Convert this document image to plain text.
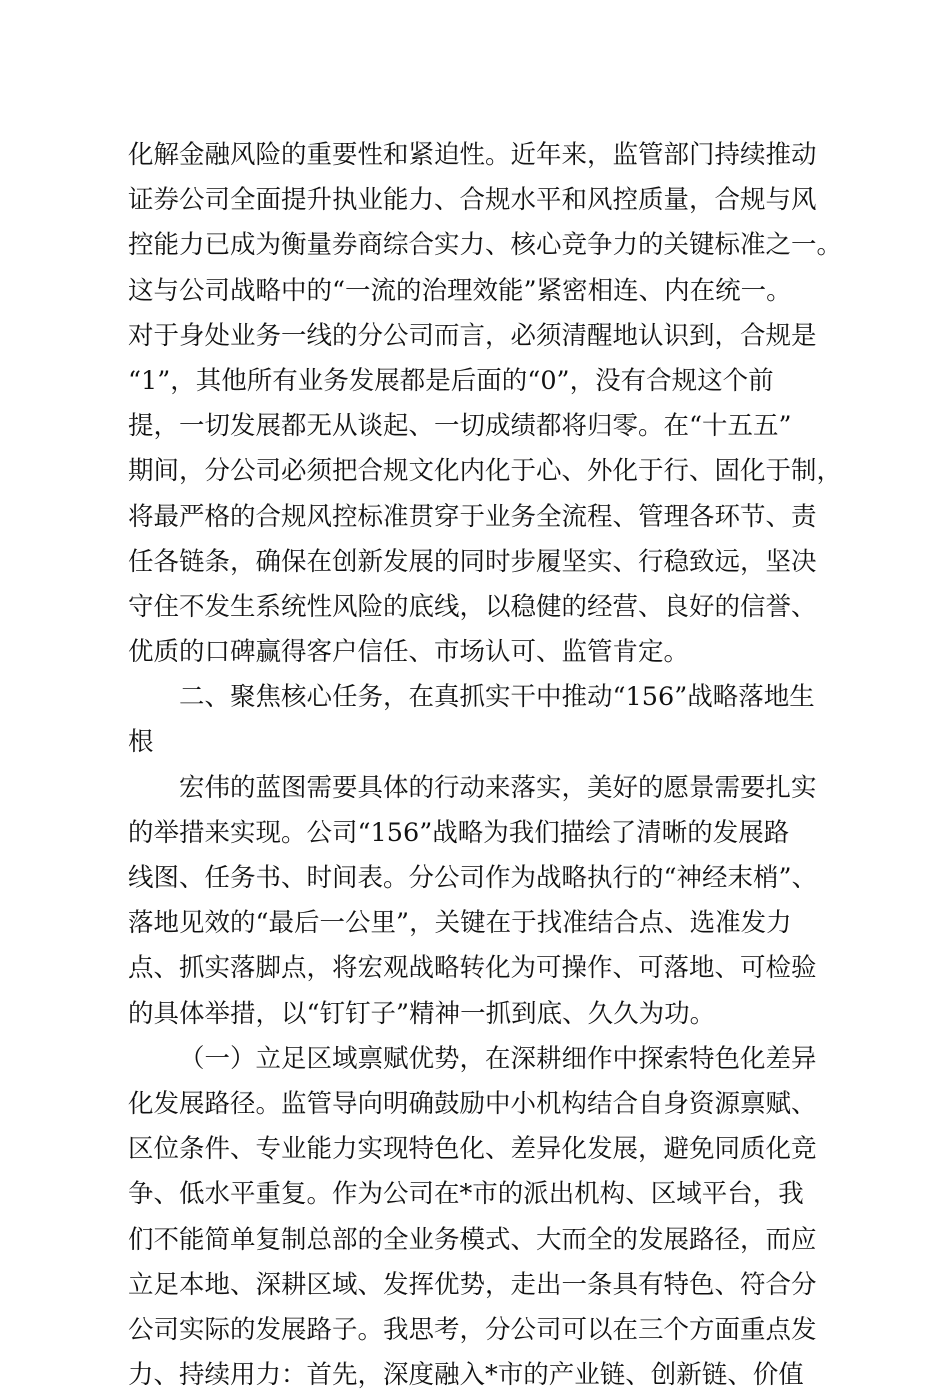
化解金融风险的重要性和紧迫性。近年来，监管部门持续推动
证券公司全面提升执业能力、合规水平和风控质量，合规与风
控能力已成为衡量券商综合实力、核心竞争力的关键标准之一。
这与公司战略中的“一流的治理效能”紧密相连、内在统一。
对于身处业务一线的分公司而言，必须清醒地认识到，合规是
“1”，其他所有业务发展都是后面的“0”，没有合规这个前
提，一切发展都无从谈起、一切成绩都将归零。在“十五五”
期间，分公司必须把合规文化内化于心、外化于行、固化于制，
将最严格的合规风控标准贯穿于业务全流程、管理各环节、责
任各链条，确保在创新发展的同时步履坚实、行稳致远，坚决
守住不发生系统性风险的底线，以稳健的经营、良好的信誉、
优质的口碑赢得客户信任、市场认可、监管肯定。
二、聚焦核心任务，在真抓实干中推动“156”战略落地生
根
宏伟的蓝图需要具体的行动来落实，美好的愿景需要扎实
的举措来实现。公司“156”战略为我们描绘了清晰的发展路
线图、任务书、时间表。分公司作为战略执行的“神经末梢”、
落地见效的“最后一公里”，关键在于找准结合点、选准发力
点、抓实落脚点，将宏观战略转化为可操作、可落地、可检验
的具体举措，以“钉钉子”精神一抓到底、久久为功。
（一）立足区域禀赋优势，在深耕细作中探索特色化差异
化发展路径。监管导向明确鼓励中小机构结合自身资源禀赋、
区位条件、专业能力实现特色化、差异化发展，避免同质化竞
争、低水平重复。作为公司在*市的派出机构、区域平台，我
们不能简单复制总部的全业务模式、大而全的发展路径，而应
立足本地、深耕区域、发挥优势，走出一条具有特色、符合分
公司实际的发展路子。我思考，分公司可以在三个方面重点发
力、持续用力：首先，深度融入*市的产业链、创新链、价值
